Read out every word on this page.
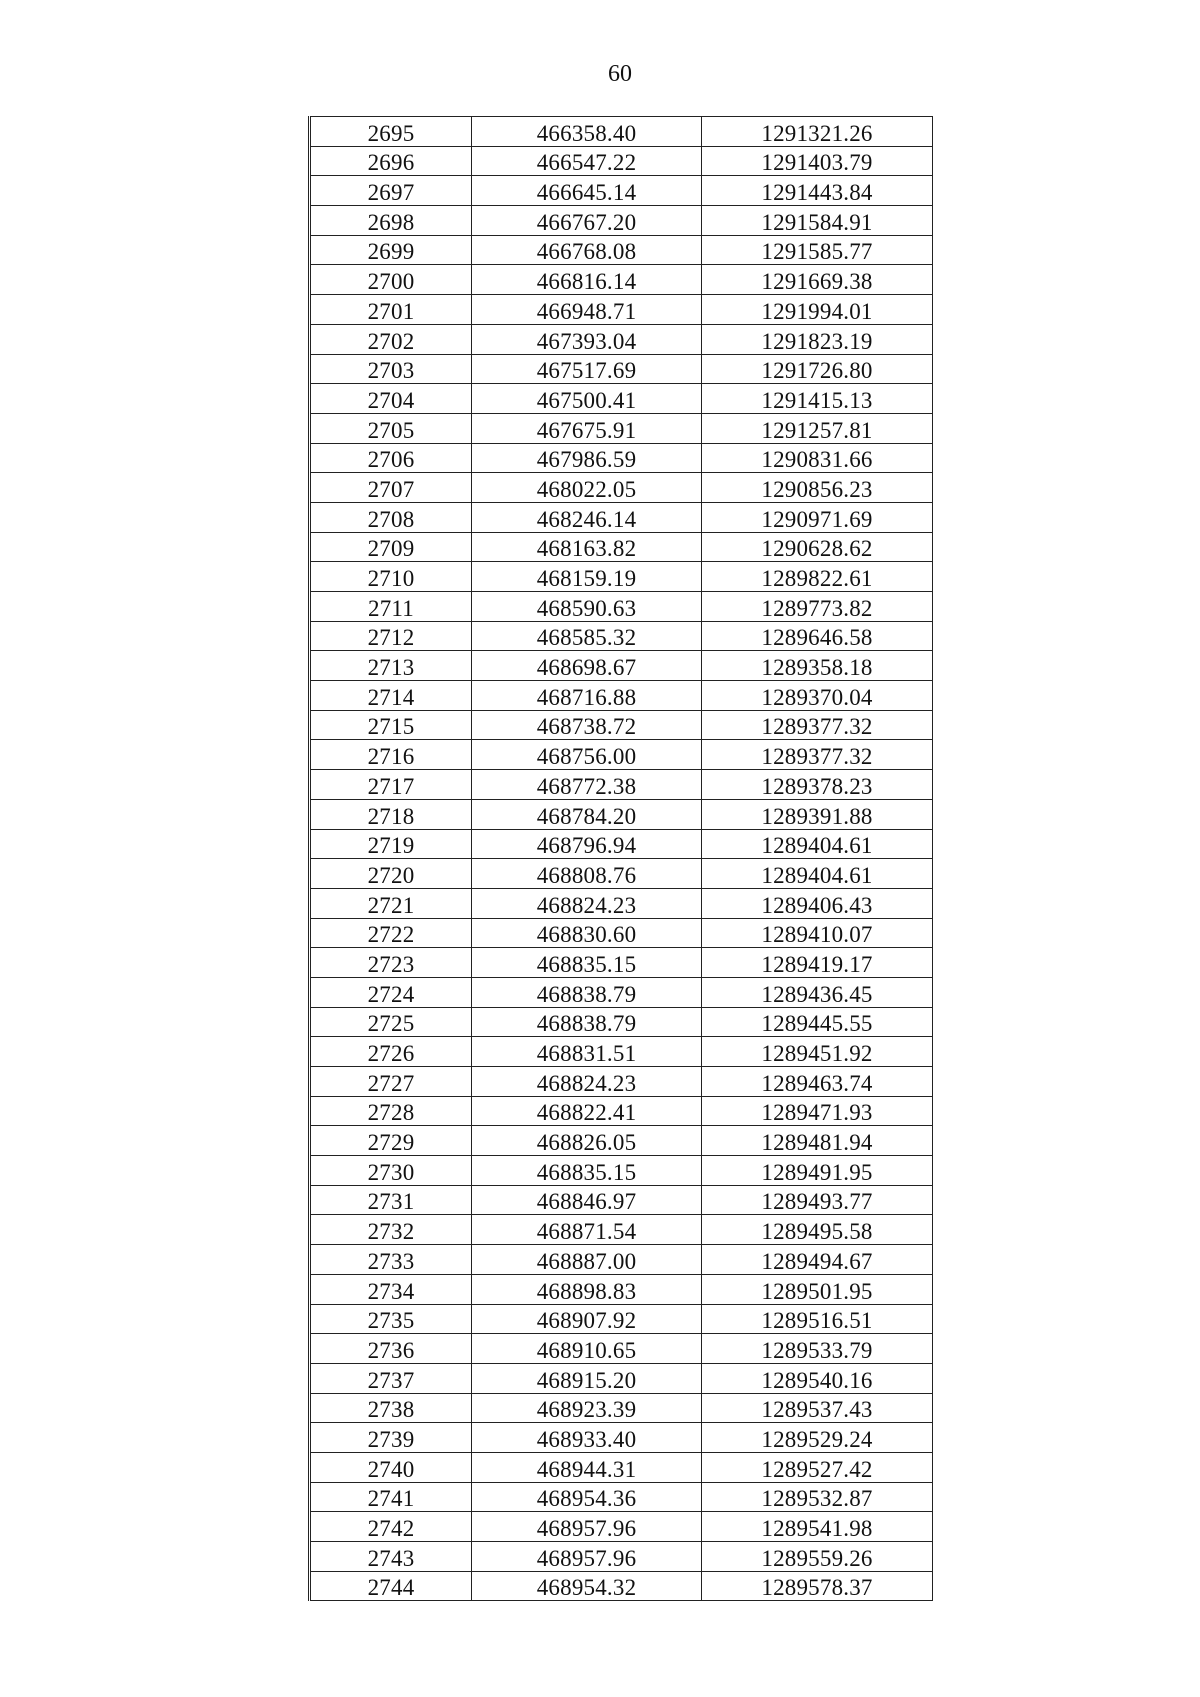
60
2695	466358.40	1291321.26
2696	466547.22	1291403.79
2697	466645.14	1291443.84
2698	466767.20	1291584.91
2699	466768.08	1291585.77
2700	466816.14	1291669.38
2701	466948.71	1291994.01
2702	467393.04	1291823.19
2703	467517.69	1291726.80
2704	467500.41	1291415.13
2705	467675.91	1291257.81
2706	467986.59	1290831.66
2707	468022.05	1290856.23
2708	468246.14	1290971.69
2709	468163.82	1290628.62
2710	468159.19	1289822.61
2711	468590.63	1289773.82
2712	468585.32	1289646.58
2713	468698.67	1289358.18
2714	468716.88	1289370.04
2715	468738.72	1289377.32
2716	468756.00	1289377.32
2717	468772.38	1289378.23
2718	468784.20	1289391.88
2719	468796.94	1289404.61
2720	468808.76	1289404.61
2721	468824.23	1289406.43
2722	468830.60	1289410.07
2723	468835.15	1289419.17
2724	468838.79	1289436.45
2725	468838.79	1289445.55
2726	468831.51	1289451.92
2727	468824.23	1289463.74
2728	468822.41	1289471.93
2729	468826.05	1289481.94
2730	468835.15	1289491.95
2731	468846.97	1289493.77
2732	468871.54	1289495.58
2733	468887.00	1289494.67
2734	468898.83	1289501.95
2735	468907.92	1289516.51
2736	468910.65	1289533.79
2737	468915.20	1289540.16
2738	468923.39	1289537.43
2739	468933.40	1289529.24
2740	468944.31	1289527.42
2741	468954.36	1289532.87
2742	468957.96	1289541.98
2743	468957.96	1289559.26
2744	468954.32	1289578.37
